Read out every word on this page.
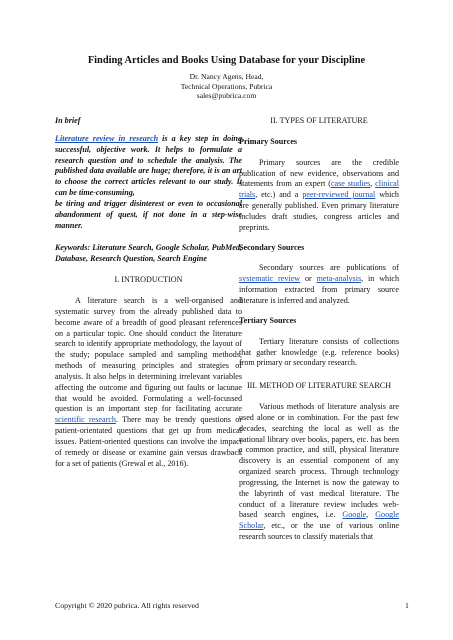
Finding Articles and Books Using Database for your Discipline
Dr. Nancy Agens, Head,
Technical Operations, Pubrica
sales@pubrica.com
In brief

Literature review in research is a key step in doing successful, objective work. It helps to formulate a research question and to schedule the analysis. The published data available are huge; therefore, it is an art to choose the correct articles relevant to our study. It can be time-consuming,

be tiring and trigger disinterest or even to occasional abandonment of quest, if not done in a step-wise manner.

Keywords: Literature Search, Google Scholar, PubMed, Database, Research Question, Search Engine
I. INTRODUCTION

A literature search is a well-organised and systematic survey from the already published data to become aware of a breadth of good pleasant references on a particular topic. One should conduct the literature search to identify appropriate methodology, the layout of the study; populace sampled and sampling methods, methods of measuring principles and strategies of analysis. It also helps in determining irrelevant variables affecting the outcome and figuring out faults or lacunae that would be avoided. Formulating a well-focussed question is an important step for facilitating accurate scientific research. There may be trendy questions or patient-orientated questions that get up from medical issues. Patient-oriented questions can involve the impact of remedy or disease or examine gain versus drawback for a set of patients (Grewal et al., 2016).

II. TYPES OF LITERATURE
Primary Sources

Primary sources are the credible publication of new evidence, observations and statements from an expert (case studies, clinical trials, etc.) and a peer-reviewed journal which are generally published. Even primary literature includes draft studies, congress articles and preprints.

Secondary Sources

Secondary sources are publications of systematic review or meta-analysis, in which information extracted from primary source literature is inferred and analyzed.

Tertiary Sources

Tertiary literature consists of collections that gather knowledge (e.g. reference books) from primary or secondary research.

III. METHOD OF LITERATURE SEARCH

Various methods of literature analysis are used alone or in combination. For the past few decades, searching the local as well as the national library over books, papers, etc. has been a common practice, and still, physical literature discovery is an essential component of any organized search process. Through technology progressing, the Internet is now the gateway to the labyrinth of vast medical literature. The conduct of a literature review includes web-based search engines, i.e. Google, Google Scholar, etc., or the use of various online research sources to classify materials that

Copyright © 2020 pubrica. All rights reserved	1
